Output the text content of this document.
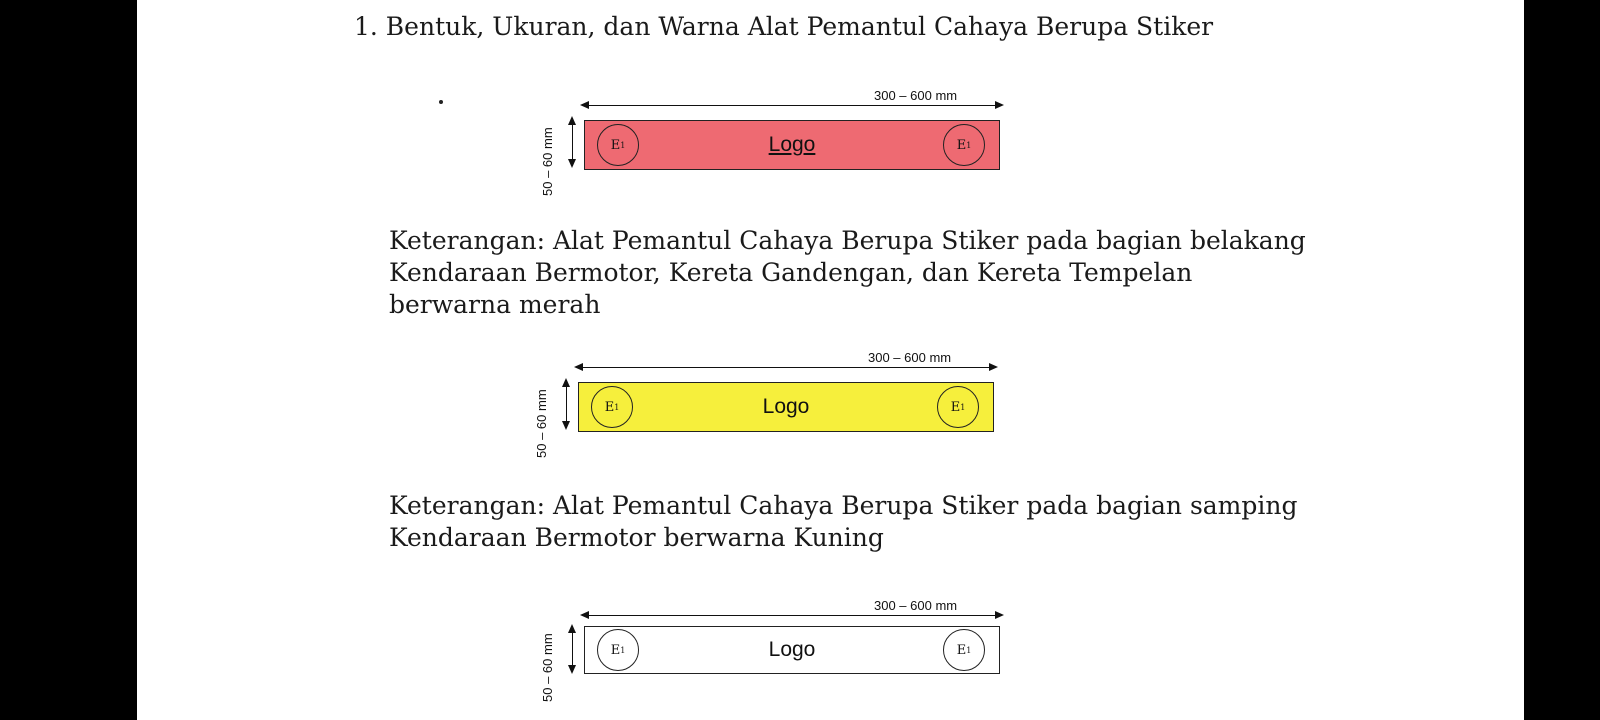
1. Bentuk, Ukuran, dan Warna Alat Pemantul Cahaya Berupa Stiker
300 – 600 mm
50 – 60 mm	E 1	Logo	E 1

Keterangan: Alat Pemantul Cahaya Berupa Stiker pada bagian belakang

Kendaraan Bermotor, Kereta Gandengan, dan Kereta Tempelan

berwarna merah

300 – 600 mm
50 – 60 mm	E 1	Logo	E 1

Keterangan: Alat Pemantul Cahaya Berupa Stiker pada bagian samping

Kendaraan Bermotor berwarna Kuning

300 – 600 mm
50 – 60 mm	E 1	Logo	E 1
